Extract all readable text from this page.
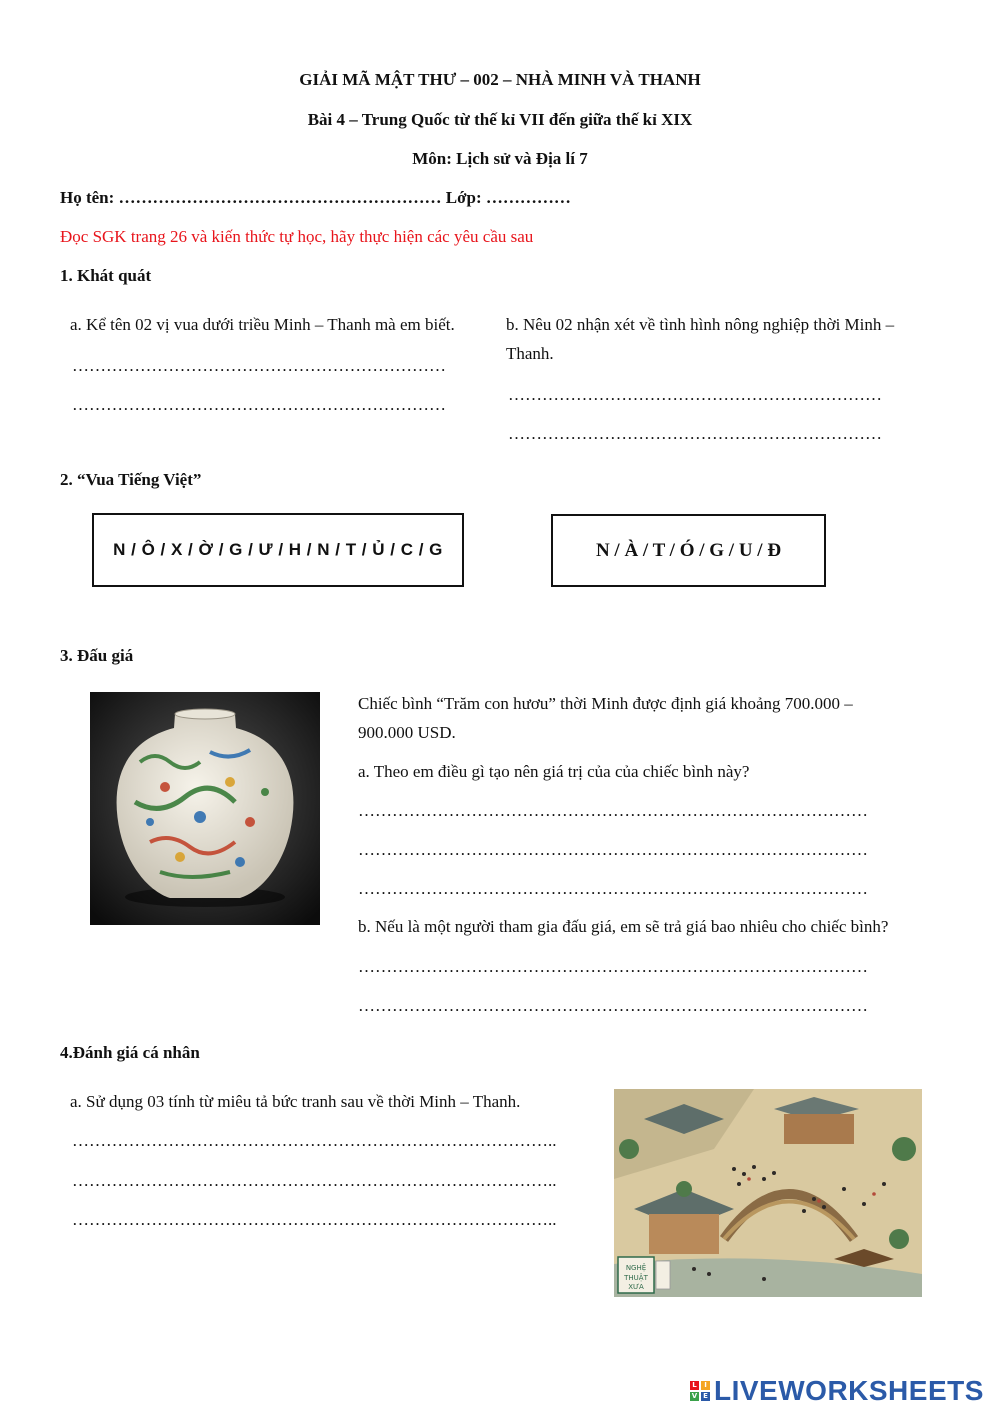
GIẢI MÃ MẬT THƯ – 002 – NHÀ MINH VÀ THANH
Bài 4 – Trung Quốc từ thế kỉ VII đến giữa thế kỉ XIX
Môn: Lịch sử và Địa lí 7
Họ tên: ………………………………………………… Lớp: ……………
Đọc SGK trang 26 và kiến thức tự học, hãy thực hiện các yêu cầu sau
1. Khát quát
a. Kể tên 02 vị vua dưới triều Minh – Thanh mà em biết.
…………………………………………………………
…………………………………………………………
b. Nêu 02 nhận xét về tình hình nông nghiệp thời Minh –
Thanh.
…………………………………………………………
…………………………………………………………
2. “Vua Tiếng Việt”
N / Ô / X / Ờ / G / Ư / H / N / T / Ủ / C / G	N / À / T / Ó / G / U / Đ
3. Đấu giá
Chiếc bình “Trăm con hươu” thời Minh được định giá khoảng 700.000 –
900.000 USD.
a. Theo em điều gì tạo nên giá trị của của chiếc bình này?
………………………………………………………………………………
………………………………………………………………………………
………………………………………………………………………………
b. Nếu là một người tham gia đấu giá, em sẽ trả giá bao nhiêu cho chiếc bình?
………………………………………………………………………………
………………………………………………………………………………
4.Đánh giá cá nhân
a. Sử dụng 03 tính từ miêu tả bức tranh sau về thời Minh – Thanh.
…………………………………………………………………………..
…………………………………………………………………………..
…………………………………………………………………………..
NGHỆ
THUẬT
XƯA
L	I
V E LIVE WORKSHEETS
